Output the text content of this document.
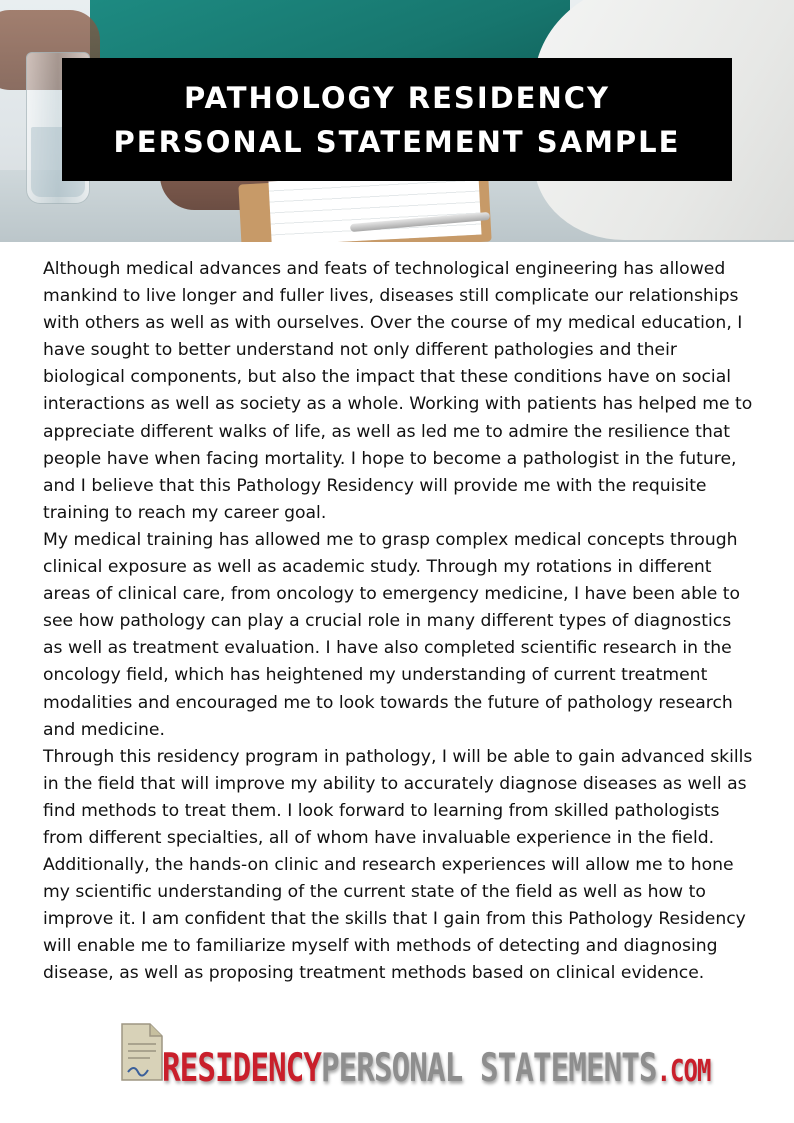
PATHOLOGY RESIDENCY
PERSONAL STATEMENT SAMPLE

Although medical advances and feats of technological engineering has allowed mankind to live longer and fuller lives, diseases still complicate our relationships with others as well as with ourselves. Over the course of my medical education, I have sought to better understand not only different pathologies and their biological components, but also the impact that these conditions have on social interactions as well as society as a whole. Working with patients has helped me to appreciate different walks of life, as well as led me to admire the resilience that people have when facing mortality. I hope to become a pathologist in the future, and I believe that this Pathology Residency will provide me with the requisite training to reach my career goal.

My medical training has allowed me to grasp complex medical concepts through clinical exposure as well as academic study. Through my rotations in different areas of clinical care, from oncology to emergency medicine, I have been able to see how pathology can play a crucial role in many different types of diagnostics as well as treatment evaluation. I have also completed scientific research in the oncology field, which has heightened my understanding of current treatment modalities and encouraged me to look towards the future of pathology research and medicine.

Through this residency program in pathology, I will be able to gain advanced skills in the field that will improve my ability to accurately diagnose diseases as well as find methods to treat them. I look forward to learning from skilled pathologists from different specialties, all of whom have invaluable experience in the field. Additionally, the hands-on clinic and research experiences will allow me to hone my scientific understanding of the current state of the field as well as how to improve it. I am confident that the skills that I gain from this Pathology Residency will enable me to familiarize myself with methods of detecting and diagnosing disease, as well as proposing treatment methods based on clinical evidence.

RESIDENCY PERSONAL STATEMENTS .COM
